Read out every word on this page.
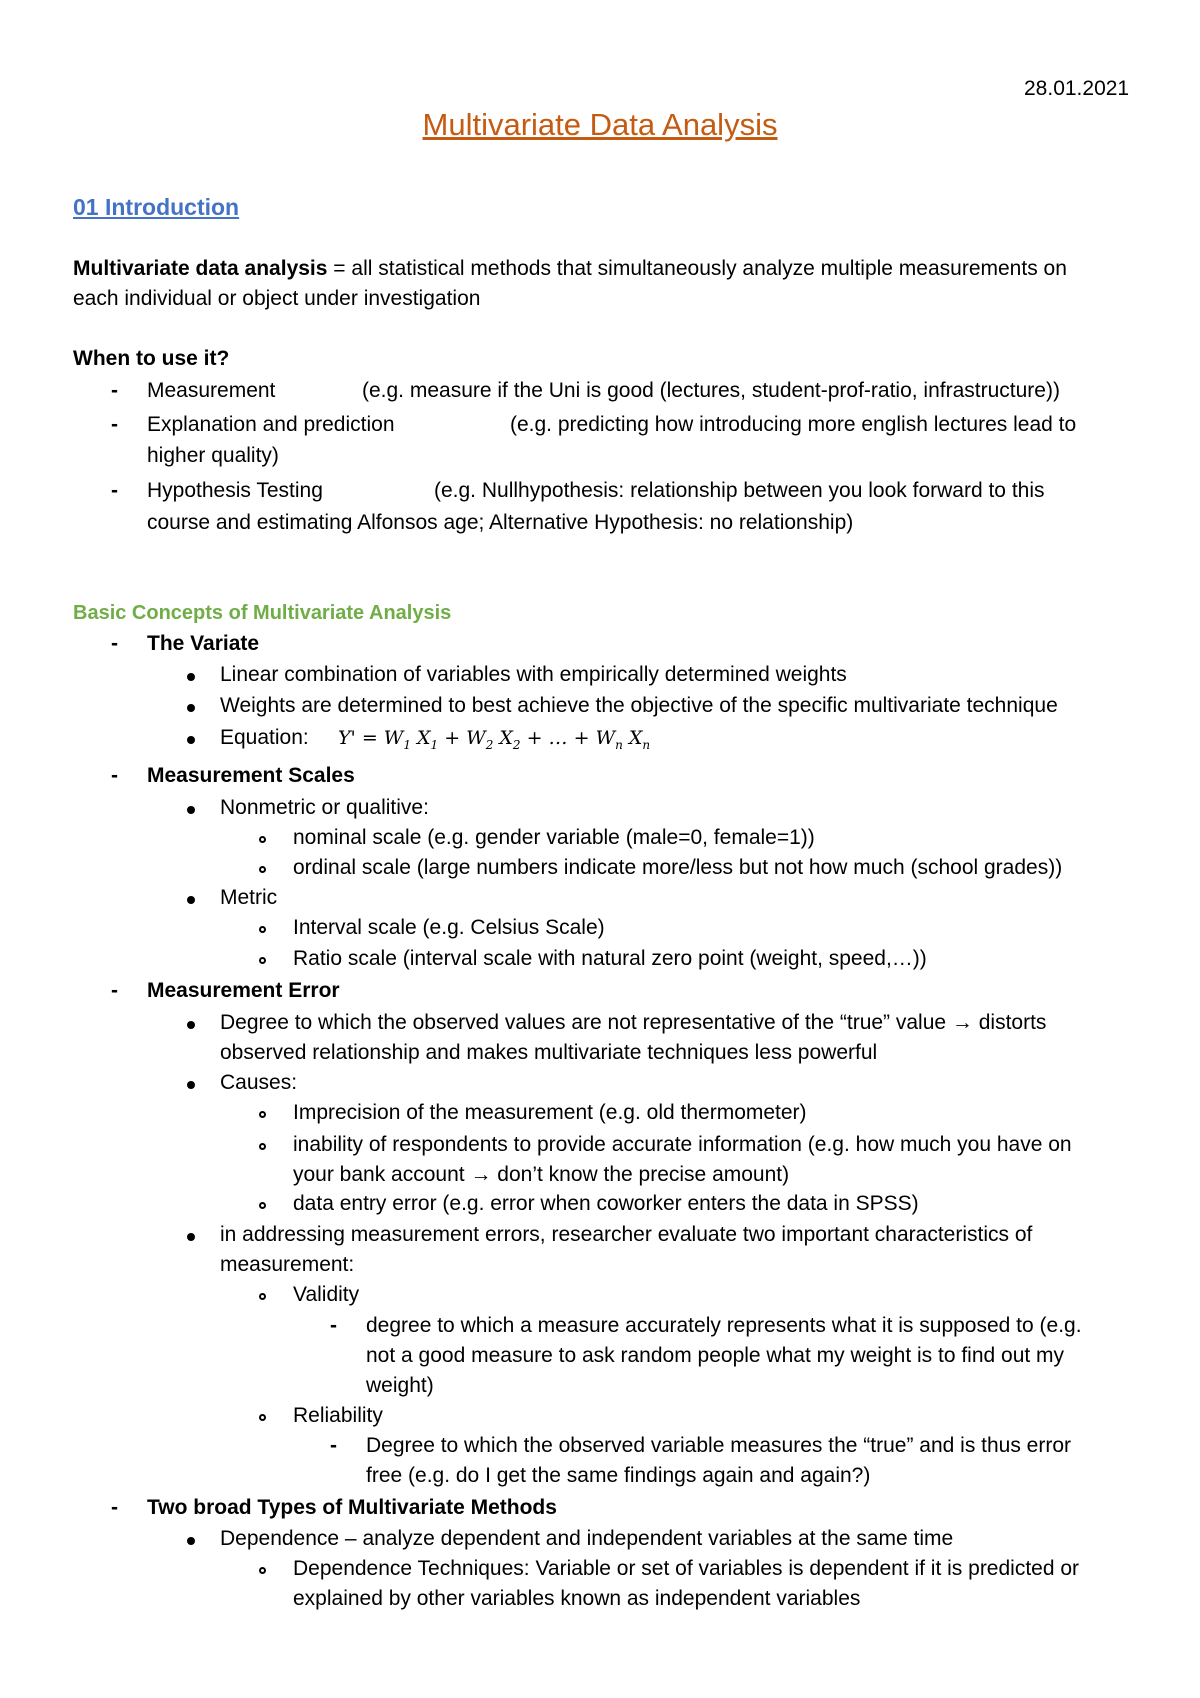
28.01.2021
Multivariate Data Analysis
01 Introduction
Multivariate data analysis = all statistical methods that simultaneously analyze multiple measurements on
each individual or object under investigation
When to use it?
- Measurement	(e.g. measure if the Uni is good (lectures, student-prof-ratio, infrastructure))
- Explanation and prediction	(e.g. predicting how introducing more english lectures lead to
higher quality)
- Hypothesis Testing	(e.g. Nullhypothesis: relationship between you look forward to this
course and estimating Alfonsos age; Alternative Hypothesis: no relationship)
Basic Concepts of Multivariate Analysis
- The Variate
Linear combination of variables with empirically determined weights
Weights are determined to best achieve the objective of the specific multivariate technique
Equation: $Y' = W_1$ $X_1 + W_2$ $X_2$ + … + $W_n$ $X_n$
- Measurement Scales
Nonmetric or qualitive:
nominal scale (e.g. gender variable (male=0, female=1))
ordinal scale (large numbers indicate more/less but not how much (school grades))
Metric
Interval scale (e.g. Celsius Scale)
Ratio scale (interval scale with natural zero point (weight, speed,…))
- Measurement Error
Degree to which the observed values are not representative of the “true” value → distorts
observed relationship and makes multivariate techniques less powerful
Causes:
Imprecision of the measurement (e.g. old thermometer)
inability of respondents to provide accurate information (e.g. how much you have on
your bank account → don’t know the precise amount)
data entry error (e.g. error when coworker enters the data in SPSS)
in addressing measurement errors, researcher evaluate two important characteristics of
measurement:
Validity
- degree to which a measure accurately represents what it is supposed to (e.g.
not a good measure to ask random people what my weight is to find out my
weight)
Reliability
- Degree to which the observed variable measures the “true” and is thus error
free (e.g. do I get the same findings again and again?)
- Two broad Types of Multivariate Methods
Dependence – analyze dependent and independent variables at the same time
Dependence Techniques: Variable or set of variables is dependent if it is predicted or
explained by other variables known as independent variables
